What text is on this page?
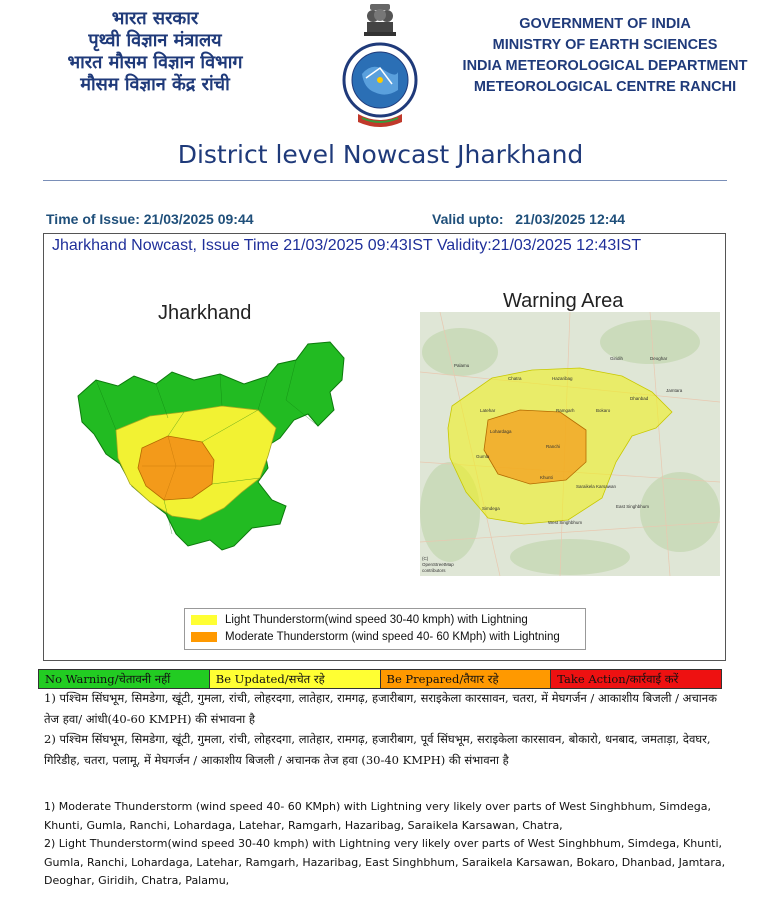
भारत सरकार
पृथ्वी विज्ञान मंत्रालय
भारत मौसम विज्ञान विभाग
मौसम विज्ञान केंद्र रांची
GOVERNMENT OF INDIA
MINISTRY OF EARTH SCIENCES
INDIA METEOROLOGICAL DEPARTMENT
METEOROLOGICAL CENTRE RANCHI
District level Nowcast Jharkhand
Time of Issue: 21/03/2025 09:44	Valid upto:   21/03/2025 12:44
Jharkhand Nowcast, Issue Time 21/03/2025 09:43IST Validity:21/03/2025 12:43IST
Jharkhand
Warning Area
Palamu
Giridih	Deoghar
Chatra	Hazaribag
Jamtara
Dhanbad
Latehar	Ramgarh	Bokaro
Lohardaga
Ranchi
Gumla
Khunti
Saraikela Karsawan
Simdega	East Singhbhum
West Singhbhum
(C)
OpenStreetMap
contributors
Light Thunderstorm(wind speed 30-40 kmph) with Lightning
Moderate Thunderstorm (wind speed 40- 60 KMph) with Lightning
No Warning/चेतावनी नहीं	Be Updated/सचेत रहे	Be Prepared/तैयार रहे	Take Action/कार्रवाई करें
1) पश्चिम सिंघभूम, सिमडेगा, खूंटी, गुमला, रांची, लोहरदगा, लातेहार, रामगढ़, हजारीबाग, सराइकेला कारसावन, चतरा, में मेघगर्जन / आकाशीय बिजली / अचानक तेज हवा/ आंधी(40-60 KMPH) की संभावना है
2) पश्चिम सिंघभूम, सिमडेगा, खूंटी, गुमला, रांची, लोहरदगा, लातेहार, रामगढ़, हजारीबाग, पूर्व सिंघभूम, सराइकेला कारसावन, बोकारो, धनबाद, जमताड़ा, देवघर, गिरिडीह, चतरा, पलामू, में मेघगर्जन / आकाशीय बिजली / अचानक तेज हवा (30-40 KMPH) की संभावना है
1) Moderate Thunderstorm (wind speed 40- 60 KMph) with Lightning very likely over parts of West Singhbhum, Simdega, Khunti, Gumla, Ranchi, Lohardaga, Latehar, Ramgarh, Hazaribag, Saraikela Karsawan, Chatra,
2) Light Thunderstorm(wind speed 30-40 kmph) with Lightning very likely over parts of West Singhbhum, Simdega, Khunti, Gumla, Ranchi, Lohardaga, Latehar, Ramgarh, Hazaribag, East Singhbhum, Saraikela Karsawan, Bokaro, Dhanbad, Jamtara, Deoghar, Giridih, Chatra, Palamu,
